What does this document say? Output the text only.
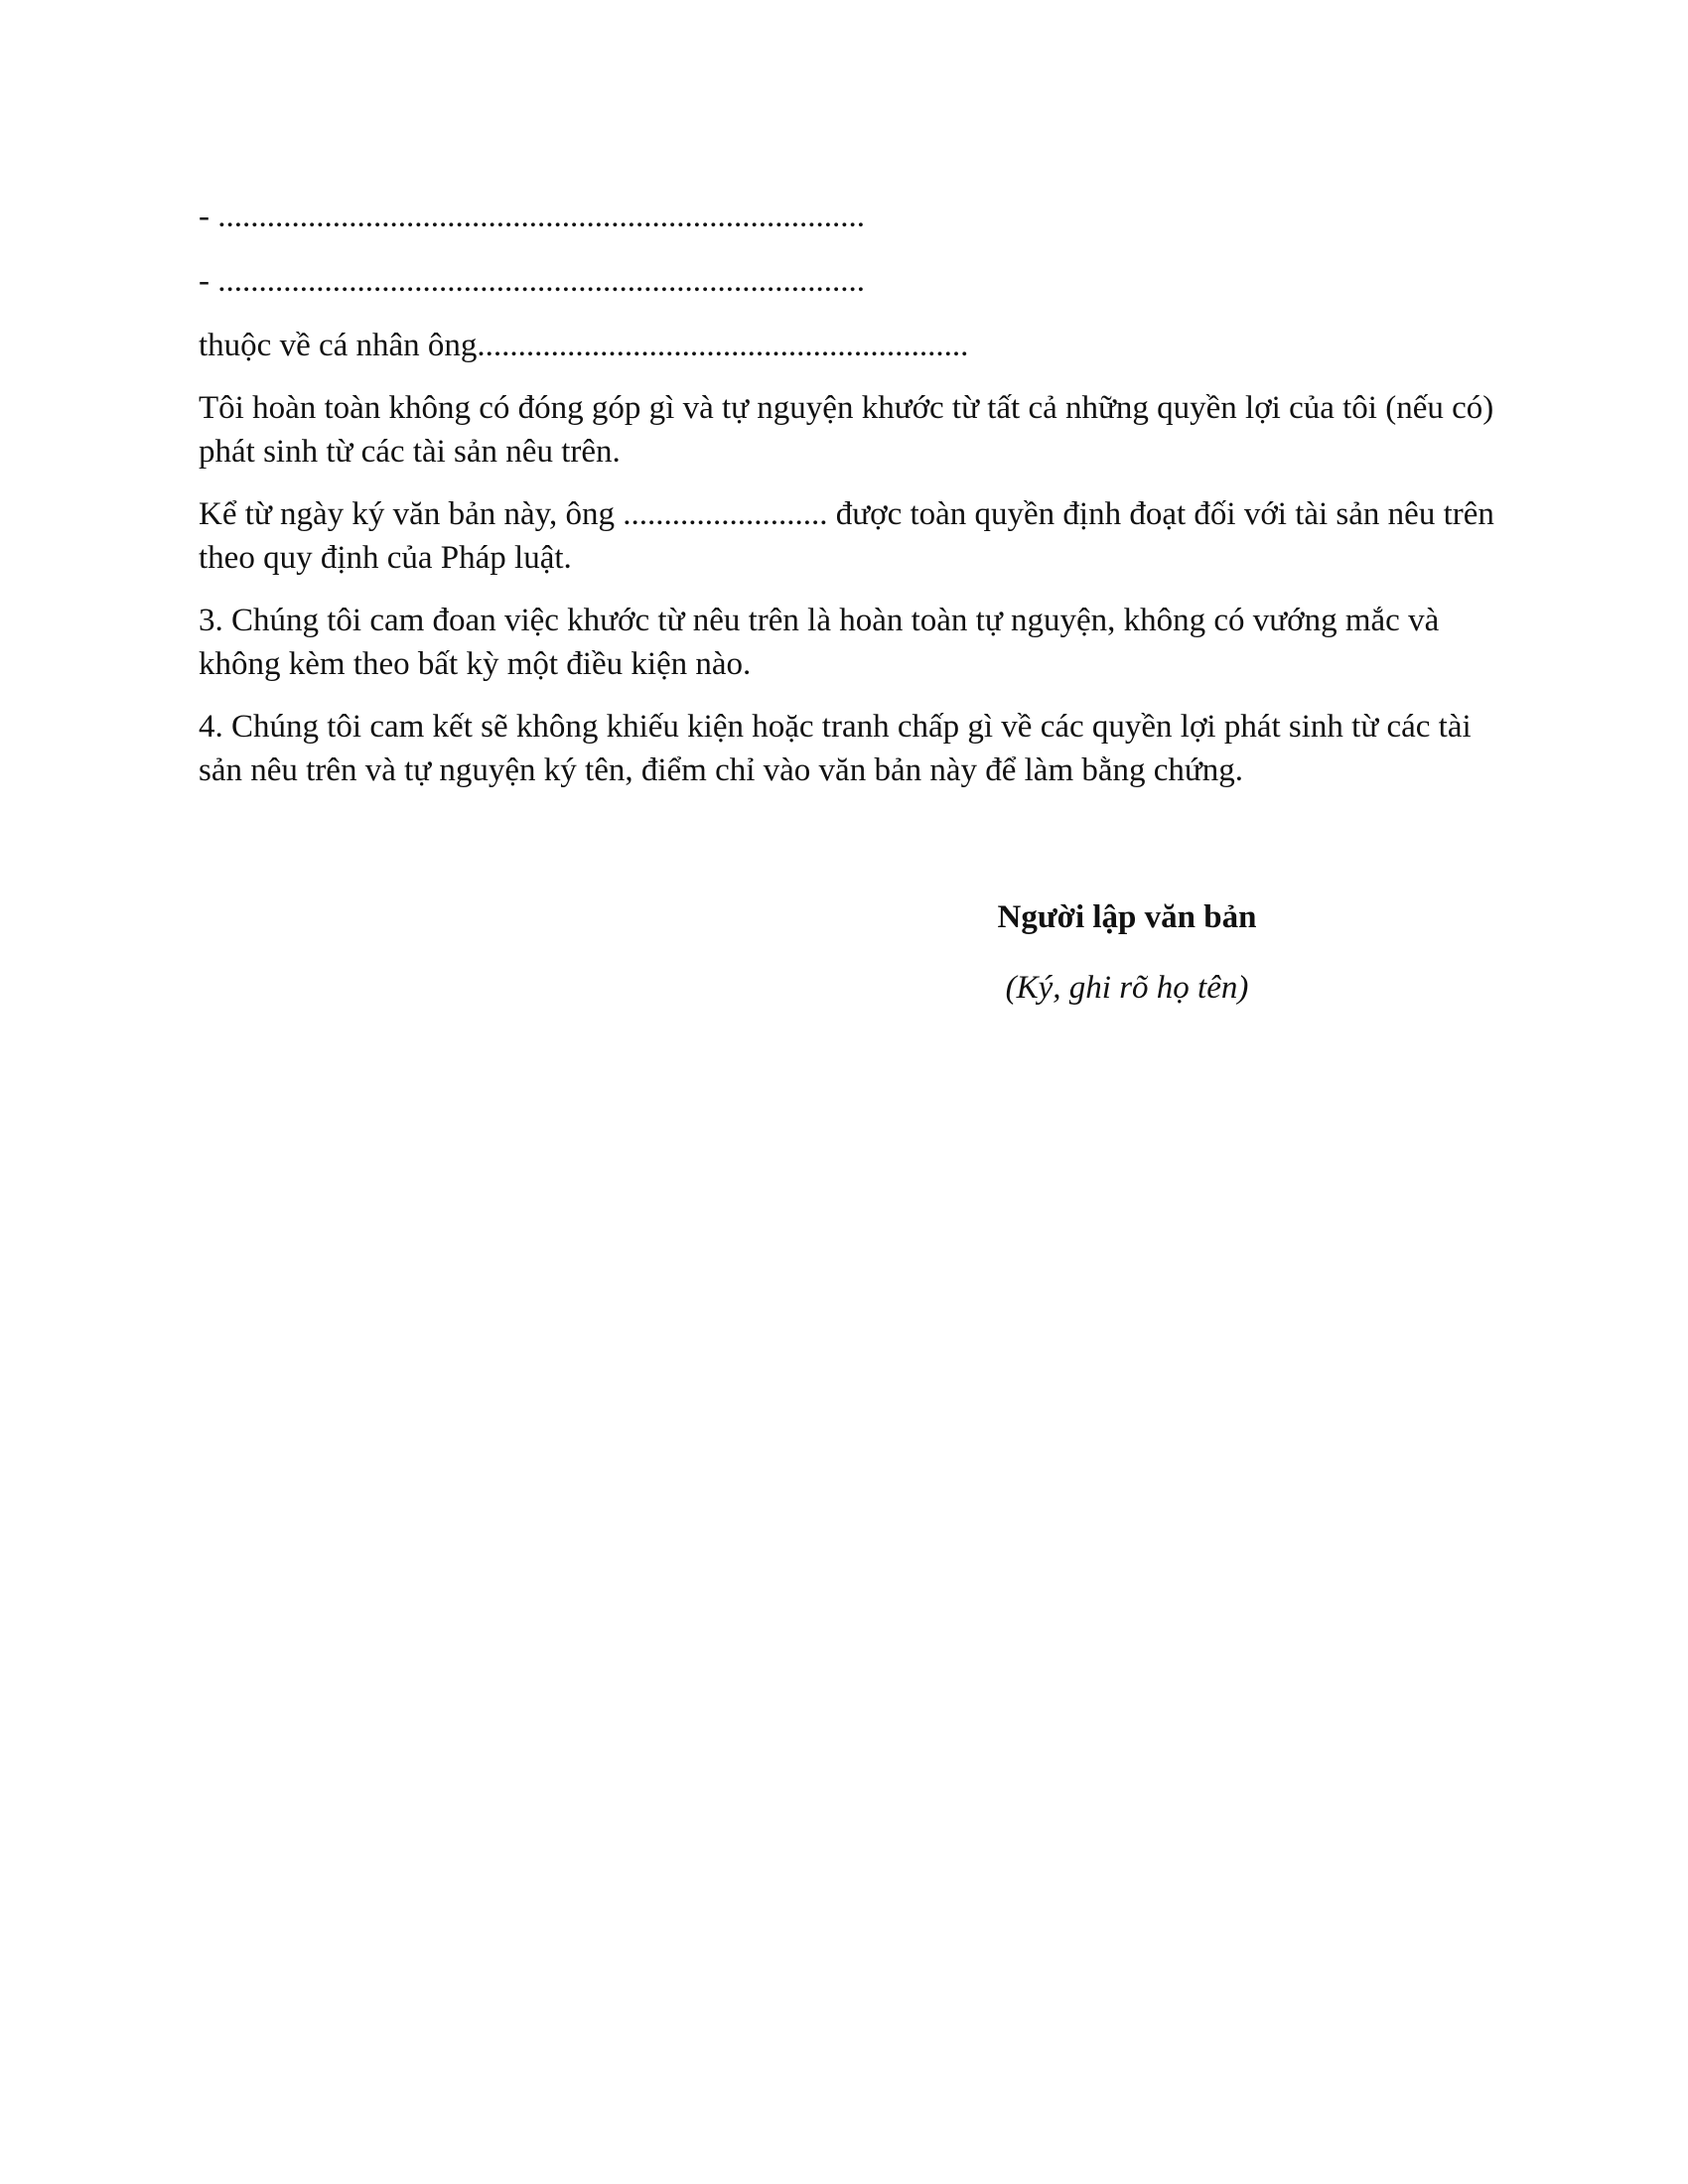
- ...............................................................................

- ...............................................................................

thuộc về cá nhân ông............................................................

Tôi hoàn toàn không có đóng góp gì và tự nguyện khước từ tất cả những quyền lợi của tôi (nếu có) phát sinh từ các tài sản nêu trên.

Kể từ ngày ký văn bản này, ông ......................... được toàn quyền định đoạt đối với tài sản nêu trên theo quy định của Pháp luật.

3. Chúng tôi cam đoan việc khước từ nêu trên là hoàn toàn tự nguyện, không có vướng mắc và không kèm theo bất kỳ một điều kiện nào.

4. Chúng tôi cam kết sẽ không khiếu kiện hoặc tranh chấp gì về các quyền lợi phát sinh từ các tài sản nêu trên và tự nguyện ký tên, điểm chỉ vào văn bản này để làm bằng chứng.

Người lập văn bản
(Ký, ghi rõ họ tên)
